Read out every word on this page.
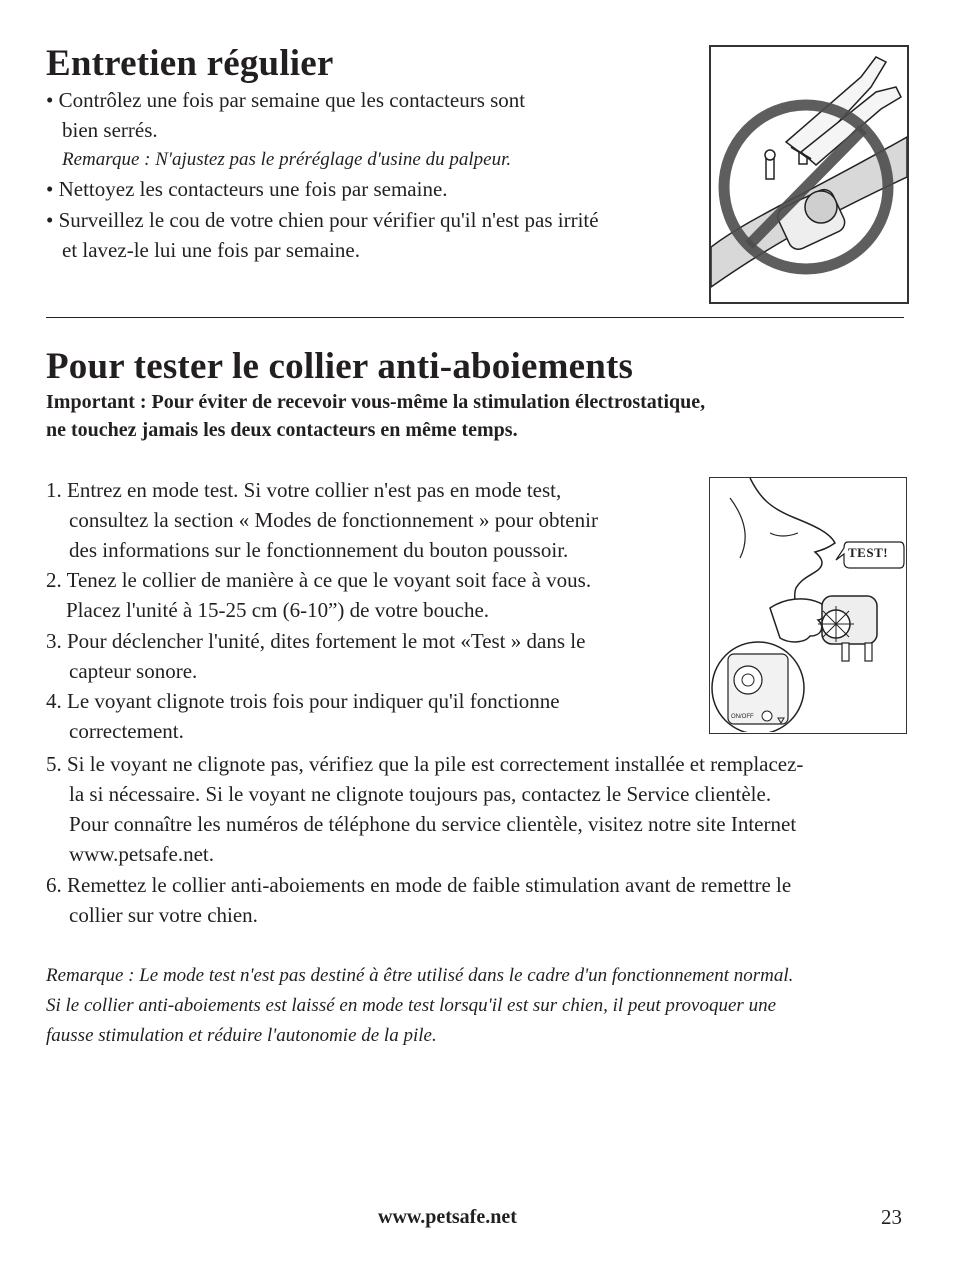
Entretien régulier
• Contrôlez une fois par semaine que les contacteurs sont
bien serrés.
Remarque : N'ajustez pas le préréglage d'usine du palpeur.
• Nettoyez les contacteurs une fois par semaine.
• Surveillez le cou de votre chien pour vérifier qu'il n'est pas irrité
et lavez-le lui une fois par semaine.
Pour tester le collier anti-aboiements
Important : Pour éviter de recevoir vous-même la stimulation électrostatique,
ne touchez jamais les deux contacteurs en même temps.
1. Entrez en mode test. Si votre collier n'est pas en mode test,
consultez la section « Modes de fonctionnement » pour obtenir
des informations sur le fonctionnement du bouton poussoir.
2. Tenez le collier de manière à ce que le voyant soit face à vous.
Placez l'unité à 15-25 cm (6-10”) de votre bouche.
3. Pour déclencher l'unité, dites fortement le mot «Test » dans le
capteur sonore.
4. Le voyant clignote trois fois pour indiquer qu'il fonctionne
correctement.
5. Si le voyant ne clignote pas, vérifiez que la pile est correctement installée et remplacez-
la si nécessaire. Si le voyant ne clignote toujours pas, contactez le Service clientèle.
Pour connaître les numéros de téléphone du service clientèle, visitez notre site Internet
www.petsafe.net.
6. Remettez le collier anti-aboiements en mode de faible stimulation avant de remettre le
collier sur votre chien.
Remarque : Le mode test n'est pas destiné à être utilisé dans le cadre d'un fonctionnement normal.
Si le collier anti-aboiements est laissé en mode test lorsqu'il est sur chien, il peut provoquer une
fausse stimulation et réduire l'autonomie de la pile.
TEST!
ON/OFF
www.petsafe.net	23
